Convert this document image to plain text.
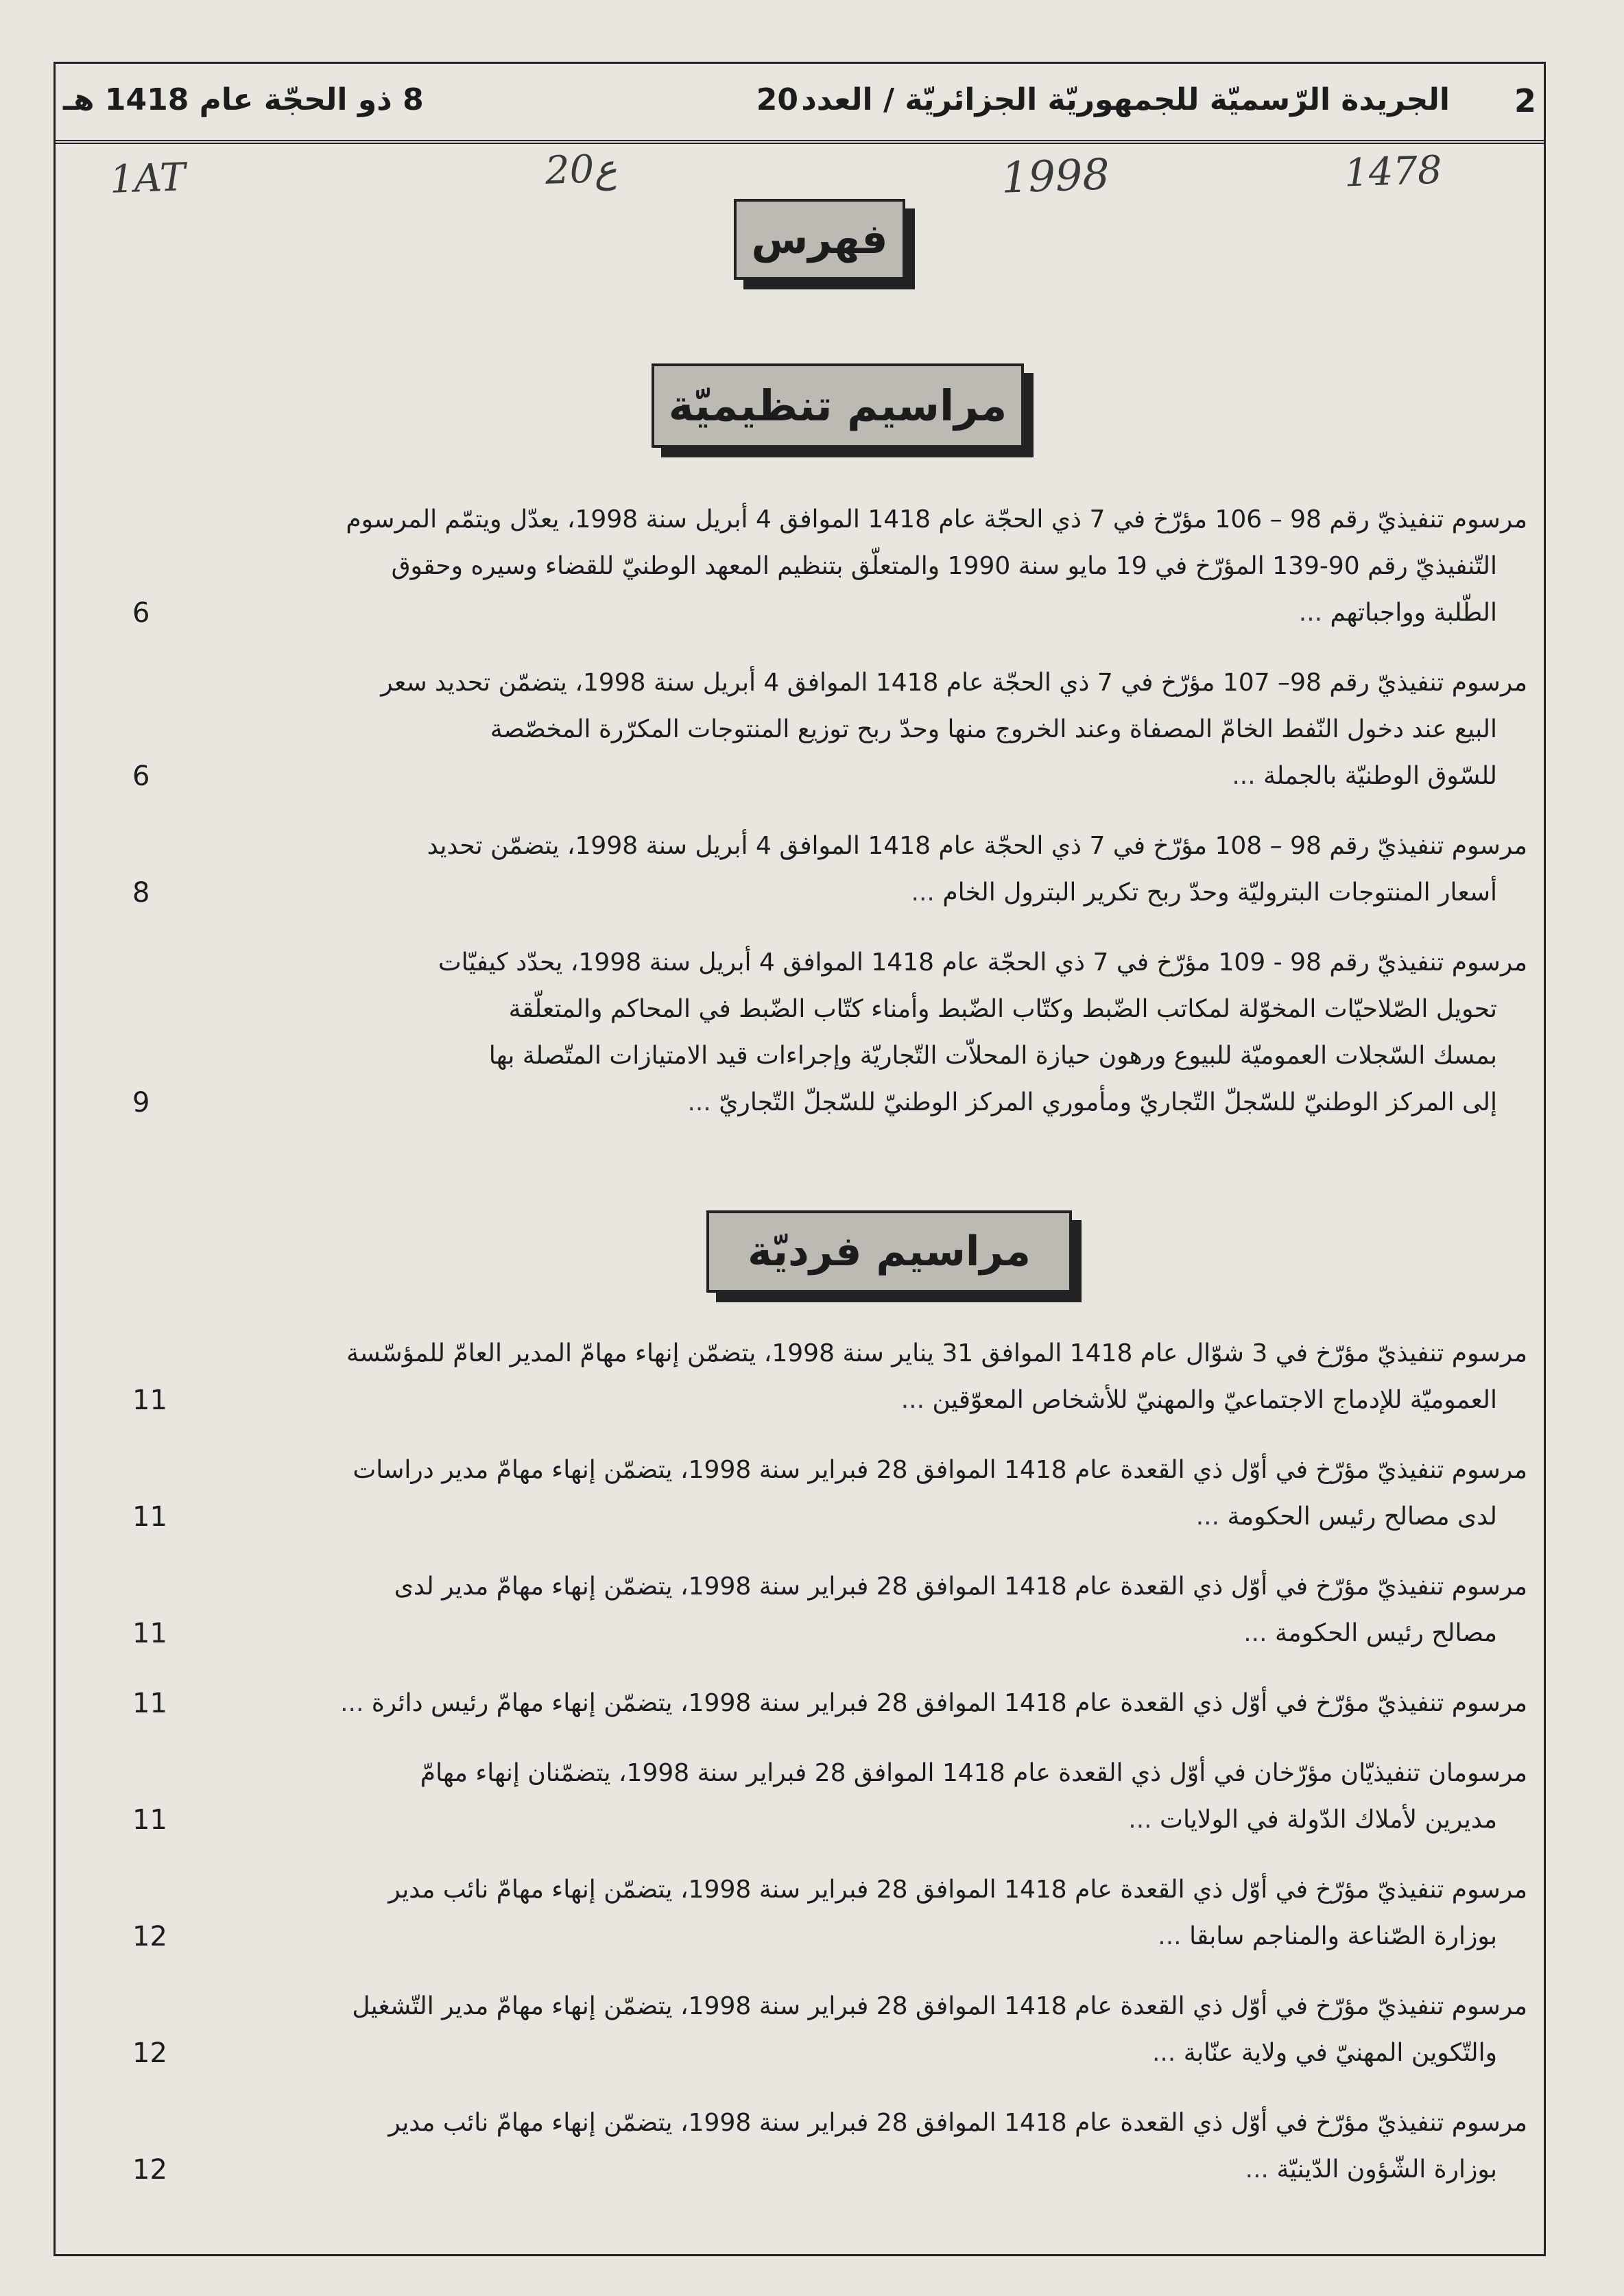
2
الجريدة الرّسميّة للجمهوريّة الجزائريّة / العدد
20
8 ذو الحجّة عام 1418 هـ
1AT	20ع	1998	1478
فهرس
مراسيم تنظيميّة

مرسوم تنفيذيّ رقم 98 – 106 مؤرّخ في 7 ذي الحجّة عام 1418 الموافق 4 أبريل سنة 1998، يعدّل ويتمّم المرسوم

التّنفيذيّ رقم 90-139 المؤرّخ في 19 مايو سنة 1990 والمتعلّق بتنظيم المعهد الوطنيّ للقضاء وسيره وحقوق

الطّلبة وواجباتهم ...

6

مرسوم تنفيذيّ رقم 98– 107 مؤرّخ في 7 ذي الحجّة عام 1418 الموافق 4 أبريل سنة 1998، يتضمّن تحديد سعر

البيع عند دخول النّفط الخامّ المصفاة وعند الخروج منها وحدّ ربح توزيع المنتوجات المكرّرة المخصّصة

للسّوق الوطنيّة بالجملة ...

6

مرسوم تنفيذيّ رقم 98 – 108 مؤرّخ في 7 ذي الحجّة عام 1418 الموافق 4 أبريل سنة 1998، يتضمّن تحديد

أسعار المنتوجات البتروليّة وحدّ ربح تكرير البترول الخام ...

8

مرسوم تنفيذيّ رقم 98 - 109 مؤرّخ في 7 ذي الحجّة عام 1418 الموافق 4 أبريل سنة 1998، يحدّد كيفيّات

تحويل الصّلاحيّات المخوّلة لمكاتب الضّبط وكتّاب الضّبط وأمناء كتّاب الضّبط في المحاكم والمتعلّقة

بمسك السّجلات العموميّة للبيوع ورهون حيازة المحلاّت التّجاريّة وإجراءات قيد الامتيازات المتّصلة بها

إلى المركز الوطنيّ للسّجلّ التّجاريّ ومأموري المركز الوطنيّ للسّجلّ التّجاريّ ...

9
مراسيم فرديّة

مرسوم تنفيذيّ مؤرّخ في 3 شوّال عام 1418 الموافق 31 يناير سنة 1998، يتضمّن إنهاء مهامّ المدير العامّ للمؤسّسة

العموميّة للإدماج الاجتماعيّ والمهنيّ للأشخاص المعوّقين ...

11

مرسوم تنفيذيّ مؤرّخ في أوّل ذي القعدة عام 1418 الموافق 28 فبراير سنة 1998، يتضمّن إنهاء مهامّ مدير دراسات

لدى مصالح رئيس الحكومة ...

11

مرسوم تنفيذيّ مؤرّخ في أوّل ذي القعدة عام 1418 الموافق 28 فبراير سنة 1998، يتضمّن إنهاء مهامّ مدير لدى

مصالح رئيس الحكومة ...

11

مرسوم تنفيذيّ مؤرّخ في أوّل ذي القعدة عام 1418 الموافق 28 فبراير سنة 1998، يتضمّن إنهاء مهامّ رئيس دائرة ...

11

مرسومان تنفيذيّان مؤرّخان في أوّل ذي القعدة عام 1418 الموافق 28 فبراير سنة 1998، يتضمّنان إنهاء مهامّ

مديرين لأملاك الدّولة في الولايات ...

11

مرسوم تنفيذيّ مؤرّخ في أوّل ذي القعدة عام 1418 الموافق 28 فبراير سنة 1998، يتضمّن إنهاء مهامّ نائب مدير

بوزارة الصّناعة والمناجم سابقا ...

12

مرسوم تنفيذيّ مؤرّخ في أوّل ذي القعدة عام 1418 الموافق 28 فبراير سنة 1998، يتضمّن إنهاء مهامّ مدير التّشغيل

والتّكوين المهنيّ في ولاية عنّابة ...

12

مرسوم تنفيذيّ مؤرّخ في أوّل ذي القعدة عام 1418 الموافق 28 فبراير سنة 1998، يتضمّن إنهاء مهامّ نائب مدير

بوزارة الشّؤون الدّينيّة ...

12
